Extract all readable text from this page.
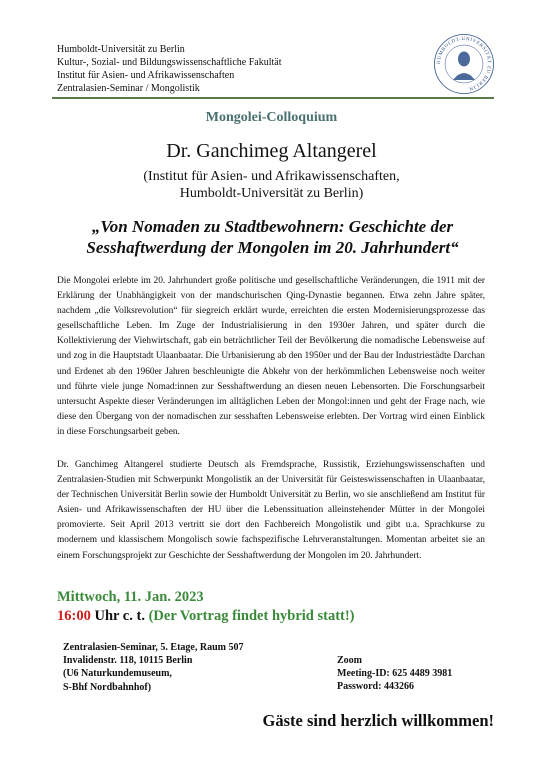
Humboldt-Universität zu Berlin
Kultur-, Sozial- und Bildungswissenschaftliche Fakultät
Institut für Asien- und Afrikawissenschaften
Zentralasien-Seminar / Mongolistik
HUMBOLDT-UNIVERSITÄT ZU BERLIN
Mongolei-Colloquium
Dr. Ganchimeg Altangerel
(Institut für Asien- und Afrikawissenschaften,
Humboldt-Universität zu Berlin)
„Von Nomaden zu Stadtbewohnern: Geschichte der
Sesshaftwerdung der Mongolen im 20. Jahrhundert“
Die Mongolei erlebte im 20. Jahrhundert große politische und gesellschaftliche Veränderungen, die 1911 mit der Erklärung der Unabhängigkeit von der mandschurischen Qing-Dynastie begannen. Etwa zehn Jahre später, nachdem „die Volksrevolution“ für siegreich erklärt wurde, erreichten die ersten Modernisierungsprozesse das gesellschaftliche Leben. Im Zuge der Industrialisierung in den 1930er Jahren, und später durch die Kollektivierung der Viehwirtschaft, gab ein beträchtlicher Teil der Bevölkerung die nomadische Lebensweise auf und zog in die Hauptstadt Ulaanbaatar. Die Urbanisierung ab den 1950er und der Bau der Industriestädte Darchan und Erdenet ab den 1960er Jahren beschleunigte die Abkehr von der herkömmlichen Lebensweise noch weiter und führte viele junge Nomad:innen zur Sesshaftwerdung an diesen neuen Lebensorten. Die Forschungsarbeit untersucht Aspekte dieser Veränderungen im alltäglichen Leben der Mongol:innen und geht der Frage nach, wie diese den Übergang von der nomadischen zur sesshaften Lebensweise erlebten. Der Vortrag wird einen Einblick in diese Forschungsarbeit geben.
Dr. Ganchimeg Altangerel studierte Deutsch als Fremdsprache, Russistik, Erziehungswissenschaften und Zentralasien-Studien mit Schwerpunkt Mongolistik an der Universität für Geisteswissenschaften in Ulaanbaatar, der Technischen Universität Berlin sowie der Humboldt Universität zu Berlin, wo sie anschließend am Institut für Asien- und Afrikawissenschaften der HU über die Lebenssituation alleinstehender Mütter in der Mongolei promovierte. Seit April 2013 vertritt sie dort den Fachbereich Mongolistik und gibt u.a. Sprachkurse zu modernem und klassischem Mongolisch sowie fachspezifische Lehrveranstaltungen. Momentan arbeitet sie an einem Forschungsprojekt zur Geschichte der Sesshaftwerdung der Mongolen im 20. Jahrhundert.
Mittwoch, 11. Jan. 2023
16:00 Uhr c. t. (Der Vortrag findet hybrid statt!)
Zentralasien-Seminar, 5. Etage, Raum 507
Invalidenstr. 118, 10115 Berlin
(U6 Naturkundemuseum,
S-Bhf Nordbahnhof)
Zoom
Meeting-ID: 625 4489 3981
Password: 443266
Gäste sind herzlich willkommen!
